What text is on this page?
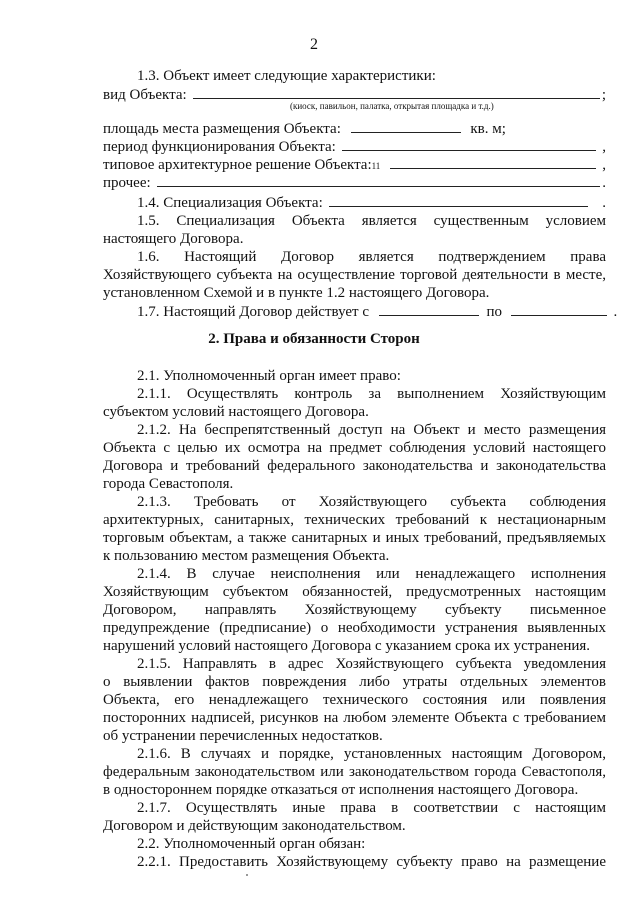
2
1.3. Объект имеет следующие характеристики:
вид Объекта:	;
(киоск, павильон, палатка, открытая площадка и т.д.)
площадь места размещения Объекта:	кв. м;
период функционирования Объекта:	,
типовое архитектурное решение Объекта: 11	,
прочее:	.
1.4. Специализация Объекта:	.
1.5. Специализация Объекта является существенным условием
настоящего Договора.
1.6. Настоящий Договор является подтверждением права
Хозяйствующего субъекта на осуществление торговой деятельности в месте,
установленном Схемой и в пункте 1.2 настоящего Договора.
1.7. Настоящий Договор действует с	по	.
2. Права и обязанности Сторон
2.1. Уполномоченный орган имеет право:
2.1.1. Осуществлять контроль за выполнением Хозяйствующим
субъектом условий настоящего Договора.
2.1.2. На беспрепятственный доступ на Объект и место размещения
Объекта с целью их осмотра на предмет соблюдения условий настоящего
Договора и требований федерального законодательства и законодательства
города Севастополя.
2.1.3. Требовать от Хозяйствующего субъекта соблюдения
архитектурных, санитарных, технических требований к нестационарным
торговым объектам, а также санитарных и иных требований, предъявляемых
к пользованию местом размещения Объекта.
2.1.4. В случае неисполнения или ненадлежащего исполнения
Хозяйствующим субъектом обязанностей, предусмотренных настоящим
Договором, направлять Хозяйствующему субъекту письменное
предупреждение (предписание) о необходимости устранения выявленных
нарушений условий настоящего Договора с указанием срока их устранения.
2.1.5. Направлять в адрес Хозяйствующего субъекта уведомления
о выявлении фактов повреждения либо утраты отдельных элементов
Объекта, его ненадлежащего технического состояния или появления
посторонних надписей, рисунков на любом элементе Объекта с требованием
об устранении перечисленных недостатков.
2.1.6. В случаях и порядке, установленных настоящим Договором,
федеральным законодательством или законодательством города Севастополя,
в одностороннем порядке отказаться от исполнения настоящего Договора.
2.1.7. Осуществлять иные права в соответствии с настоящим
Договором и действующим законодательством.
2.2. Уполномоченный орган обязан:
2.2.1. Предоставить Хозяйствующему субъекту право на размещение
